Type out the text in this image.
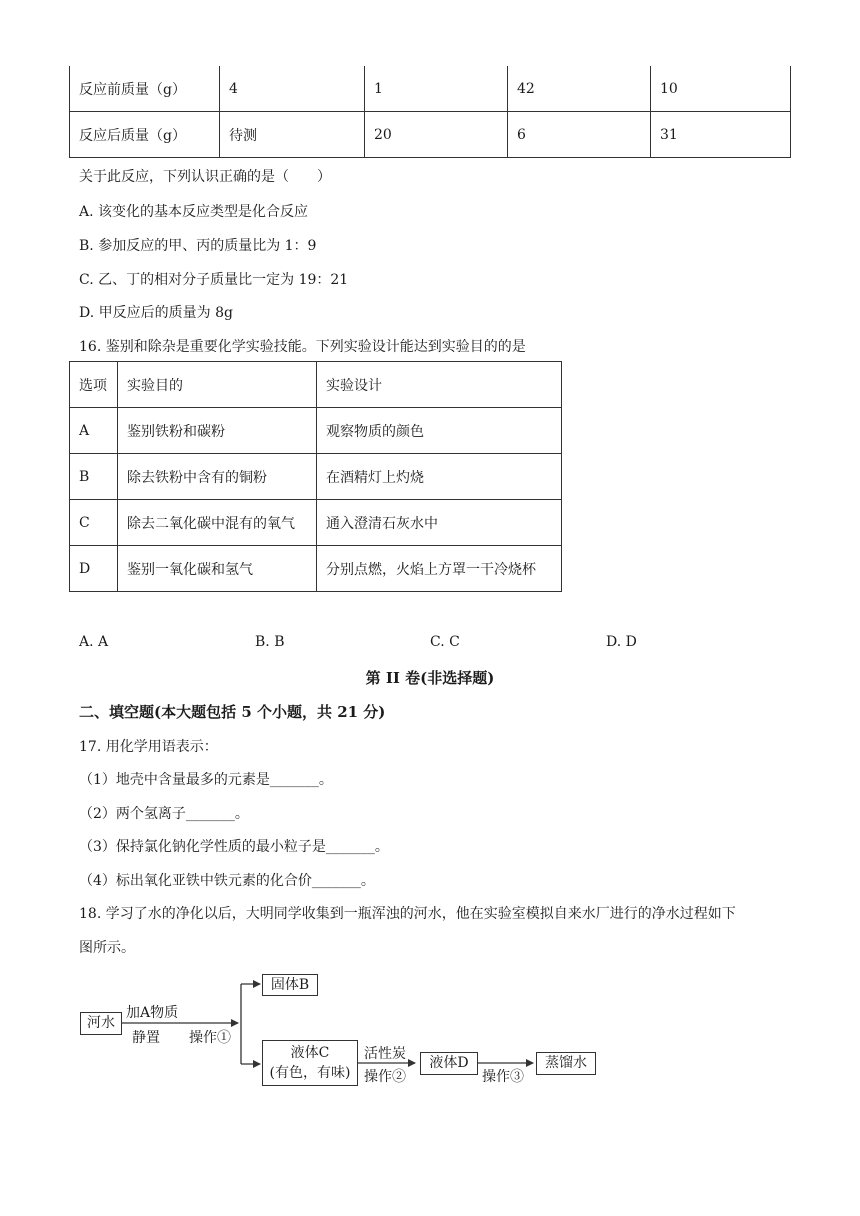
反应前质量（g）	4	1	42	10
反应后质量（g）	待测	20	6	31
关于此反应，下列认识正确的是（　　）
A. 该变化的基本反应类型是化合反应
B. 参加反应的甲、丙的质量比为 1：9
C. 乙、丁的相对分子质量比一定为 19：21
D. 甲反应后的质量为 8g
16. 鉴别和除杂是重要化学实验技能。下列实验设计能达到实验目的的是
选项	实验目的	实验设计
A	鉴别铁粉和碳粉	观察物质的颜色
B	除去铁粉中含有的铜粉	在酒精灯上灼烧
C	除去二氧化碳中混有的氧气	通入澄清石灰水中
D	鉴别一氧化碳和氢气	分别点燃，火焰上方罩一干冷烧杯
A. A	B. B	C. C	D. D
第 II 卷(非选择题)
二、填空题(本大题包括 5 个小题，共 21 分)
17. 用化学用语表示：
（1）地壳中含量最多的元素是_______。
（2）两个氢离子_______。
（3）保持氯化钠化学性质的最小粒子是_______。
（4）标出氧化亚铁中铁元素的化合价_______。
18. 学习了水的净化以后，大明同学收集到一瓶浑浊的河水，他在实验室模拟自来水厂进行的净水过程如下
图所示。
河水
加A物质
静置 操作①
固体B
液体C
(有色，有味)
活性炭
操作②
液体D
操作③
蒸馏水
